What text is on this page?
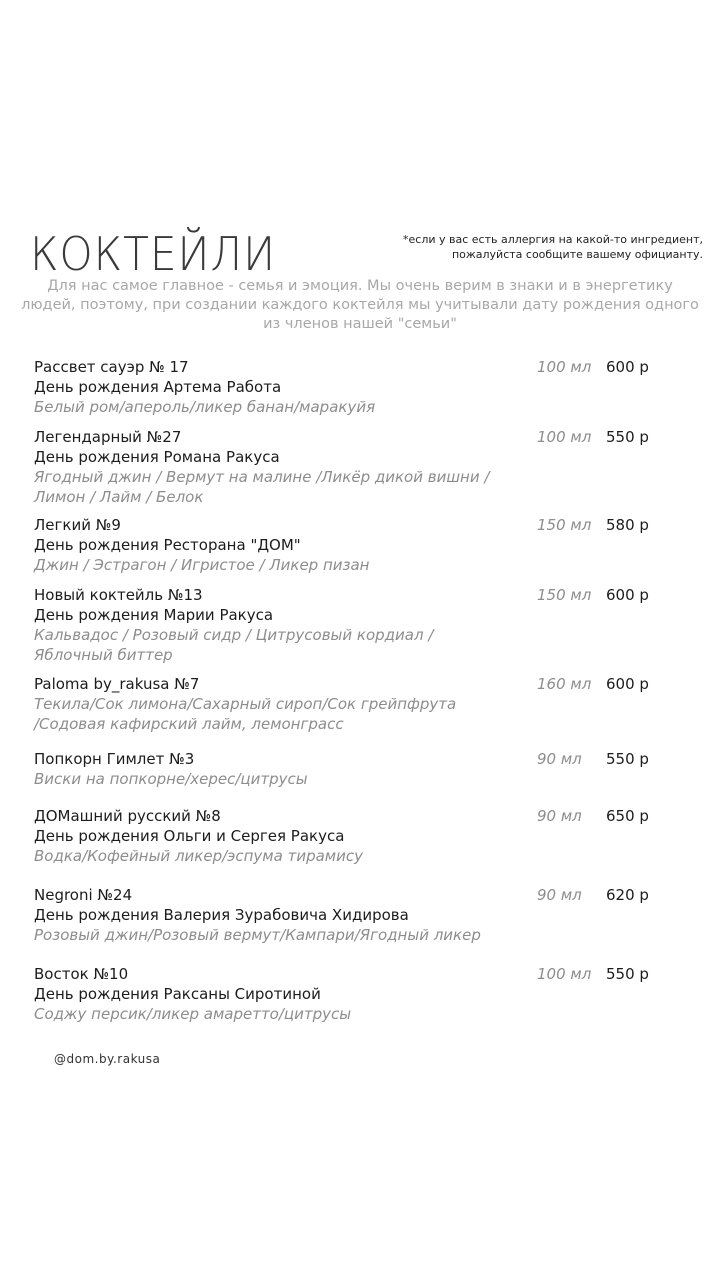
КОКТЕЙЛИ	*если у вас есть аллергия на какой-то ингредиент, пожалуйста сообщите вашему официанту.
Для нас самое главное - семья и эмоция. Мы очень верим в знаки и в энергетику людей, поэтому, при создании каждого коктейля мы учитывали дату рождения одного из членов нашей "семьи"
Рассвет сауэр № 17
День рождения Артема Работа
Белый ром/апероль/ликер банан/маракуйя
100 мл 600 р
Легендарный №27
День рождения Романа Ракуса
Ягодный джин / Вермут на малине /Ликёр дикой вишни /
Лимон / Лайм / Белок
100 мл 550 р
Легкий №9
День рождения Ресторана "ДОМ"
Джин / Эстрагон / Игристое / Ликер пизан
150 мл 580 р
Новый коктейль №13
День рождения Марии Ракуса
Кальвадос / Розовый сидр / Цитрусовый кордиал /
Яблочный биттер
150 мл 600 р
Paloma by_rakusa №7
Текила/Сок лимона/Сахарный сироп/Сок грейпфрута
/Содовая кафирский лайм, лемонграсс
160 мл 600 р
Попкорн Гимлет №3
Виски на попкорне/херес/цитрусы
90 мл 550 р
ДОМашний русский №8
День рождения Ольги и Сергея Ракуса
Водка/Кофейный ликер/эспума тирамису
90 мл 650 р
Negroni №24
День рождения Валерия Зурабовича Хидирова
Розовый джин/Розовый вермут/Кампари/Ягодный ликер
90 мл 620 р
Восток №10
День рождения Раксаны Сиротиной
Соджу персик/ликер амаретто/цитрусы
100 мл 550 р
@dom.by.rakusa
